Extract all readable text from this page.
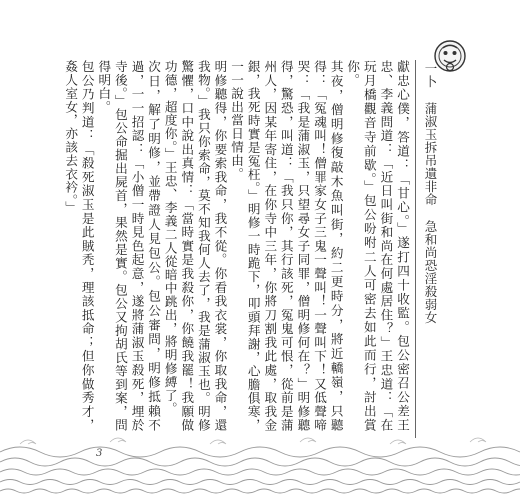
一卜蒲淑玉拆吊遺非命急和尚恐淫殺弱女

獻忠心僕，答道：「甘心。」遂打四十收監。包公密召公差王忠、李義問道：「近日叫街和尚在何處居住？」王忠道：「在玩月橋觀音寺前歇。」包公吩咐二人可密去如此而行，討出賞你。

其夜，僧明修復敲木魚叫街，約二更時分，將近轎嶺，只聽得：「冤魂叫！僧罪家女子三鬼一聲叫！一聲叫下！又低聲啼哭：「我是蒲淑玉，只望尋女子同罪，僧明修何在？」明修聽得，驚恐，叫道：「我只你，其行該死，冤鬼可恨，從前是蒲州人，因某年寄住，在你寺中三年，你將刀割我此處，取我金銀，我死時實是冤枉。」明修一時跪下，叩頭拜謝，心膽俱寒，一一說出當日情由。

明修聽得，你要索我命，我不從。你看我衣裳，你取我命，還我物。」我只你索命，莫不知我何人去了，我是蒲淑玉也。明修驚懼，口中說出真情：「當時實是我殺你，你饒我罷！我願做功德，超度你。」王忠、李義二人從暗中跳出，將明修縛了。

次日，解了明修，並帶證人見包公。包公審問，明修抵賴不過，一一招認：「小僧一時見色起意，遂將蒲淑玉殺死，埋於寺後。」包公命掘出屍首，果然是實。包公又拘胡氏等到案，問得明白。

包公乃判道：「殺死淑玉是此賊秃，理該抵命；但你做秀才，姦人室女，亦該去衣衿。」

3
